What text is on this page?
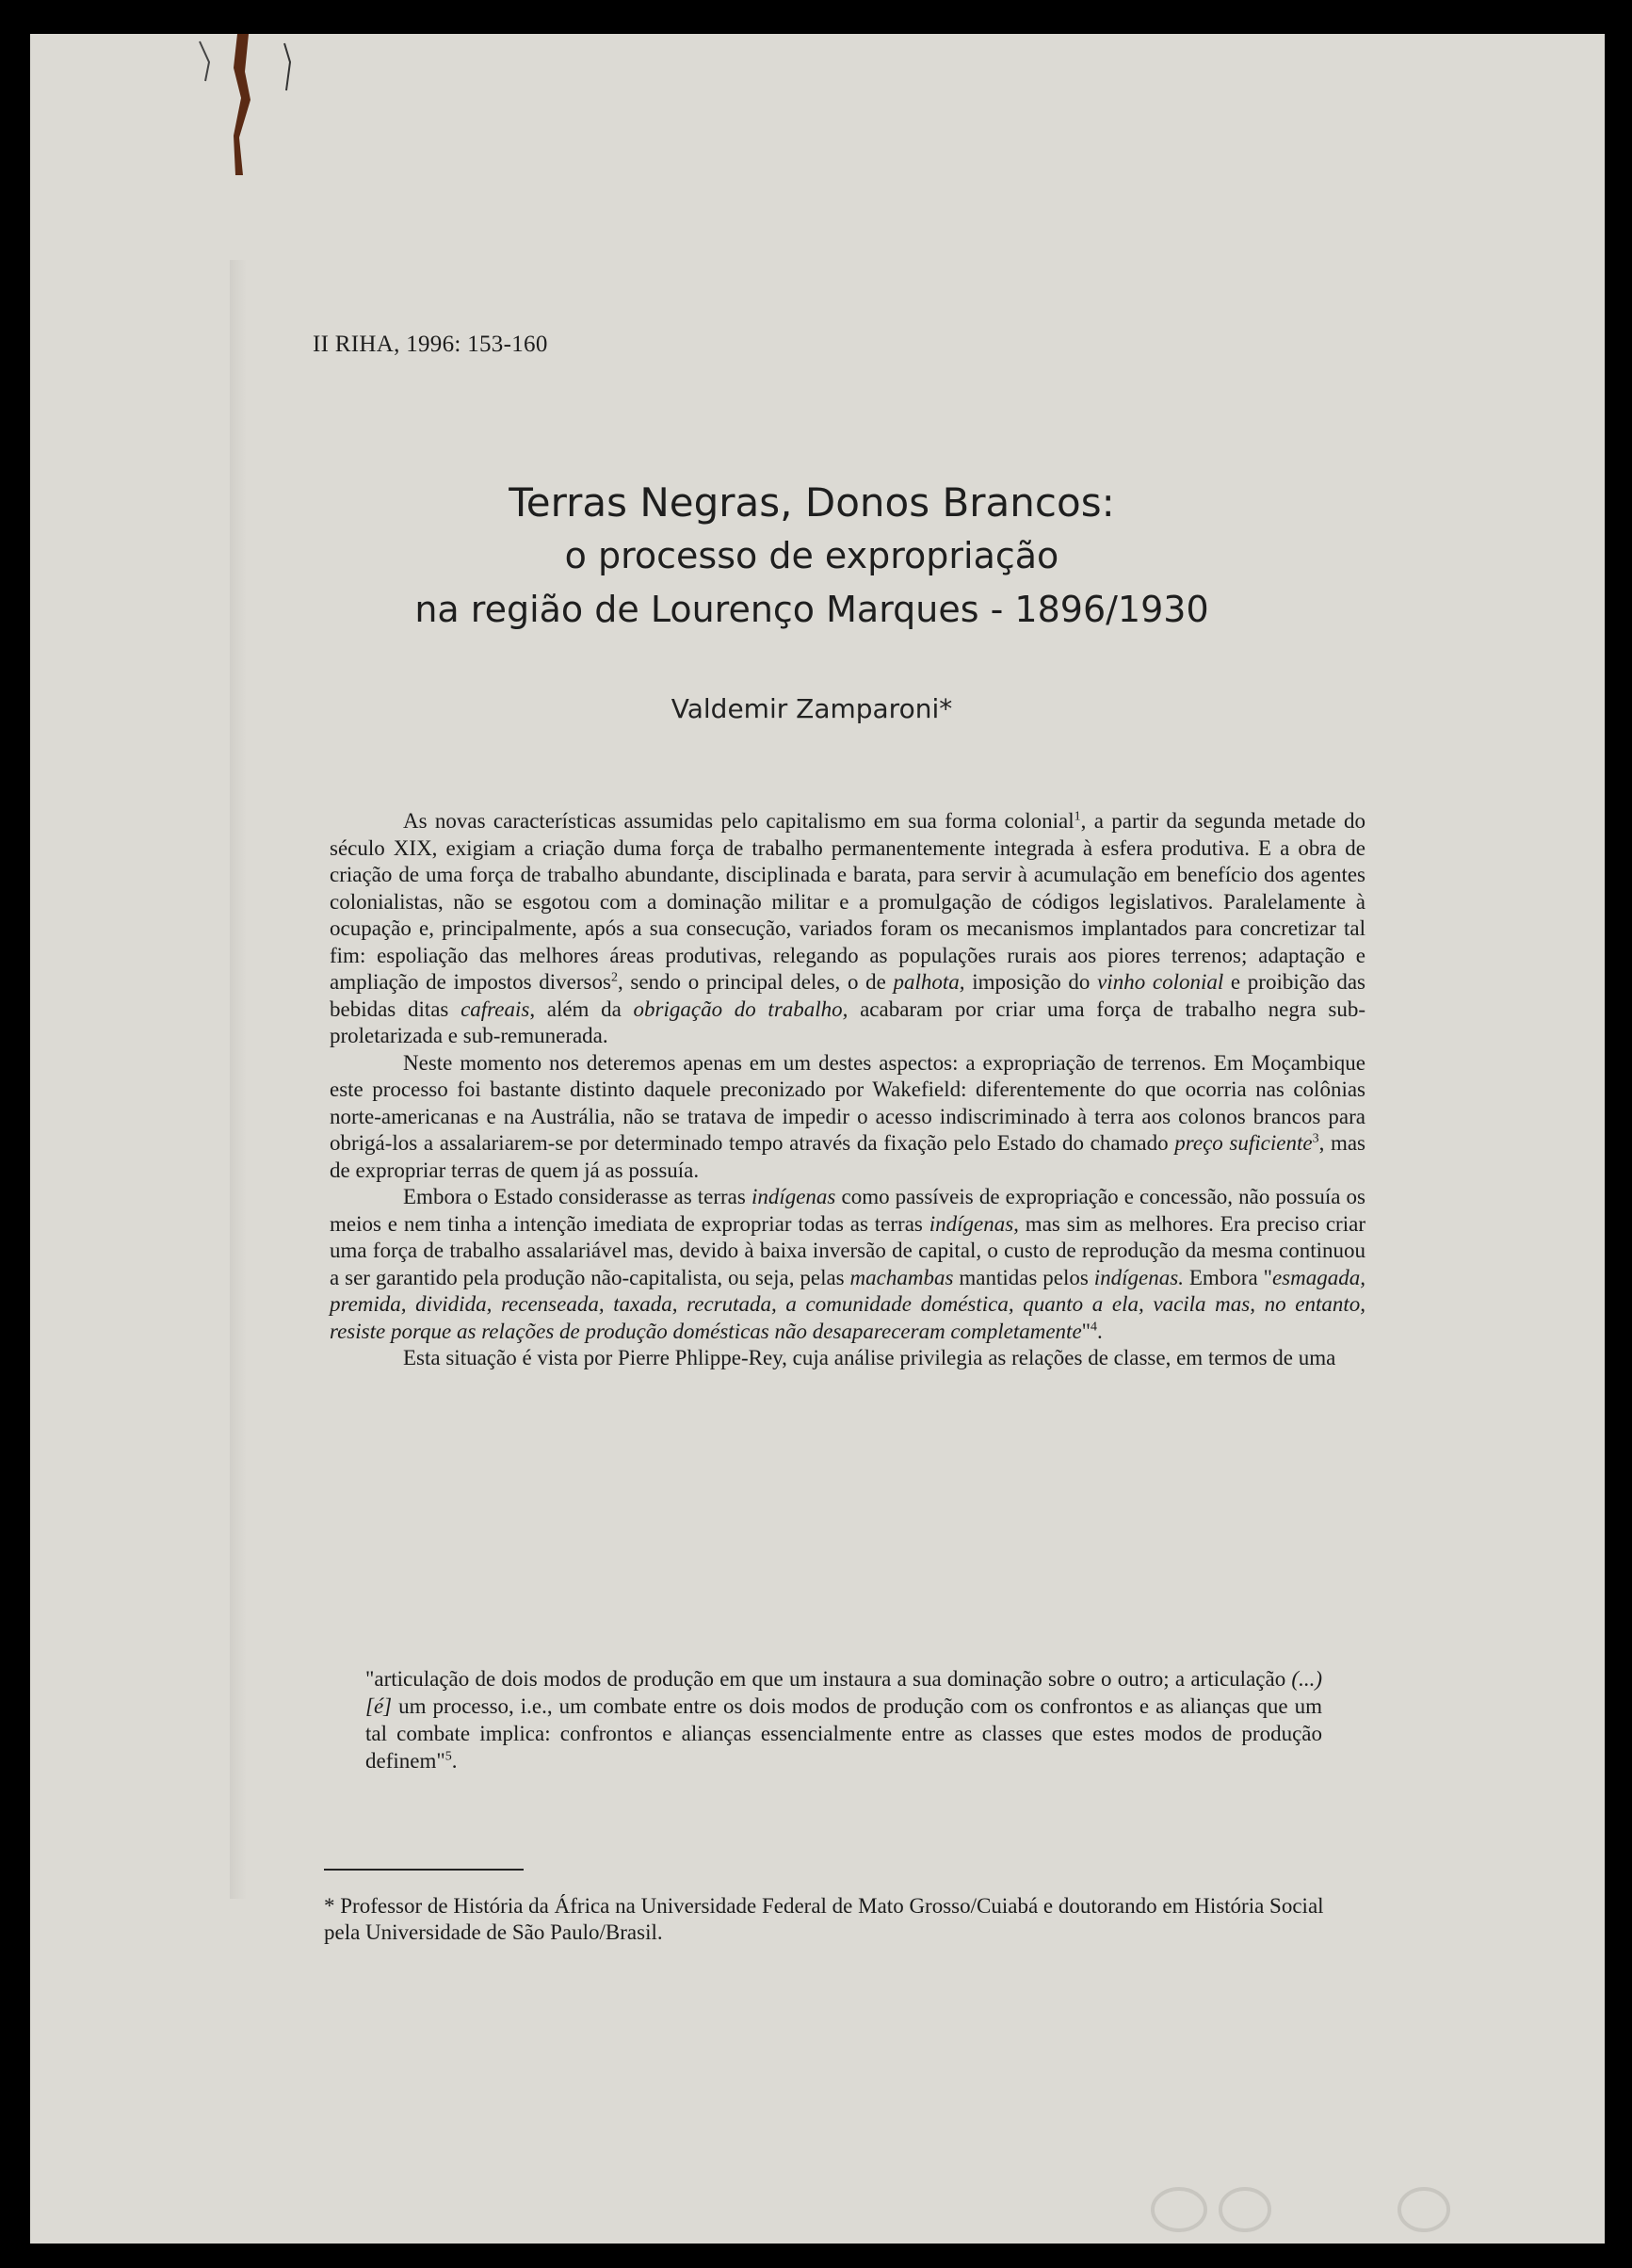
II RIHA, 1996: 153-160
Terras Negras, Donos Brancos:
o processo de expropriação
na região de Lourenço Marques - 1896/1930
Valdemir Zamparoni*

As novas características assumidas pelo capitalismo em sua forma colonial$^1$, a partir da segunda metade do século XIX, exigiam a criação duma força de trabalho permanentemente integrada à esfera produtiva. E a obra de criação de uma força de trabalho abundante, disciplinada e barata, para servir à acumulação em benefício dos agentes colonialistas, não se esgotou com a dominação militar e a promulgação de códigos legislativos. Paralelamente à ocupação e, principalmente, após a sua consecução, variados foram os mecanismos implantados para concretizar tal fim: espoliação das melhores áreas produtivas, relegando as populações rurais aos piores terrenos; adaptação e ampliação de impostos diversos$^2$, sendo o principal deles, o de palhota, imposição do vinho colonial e proibição das bebidas ditas cafreais, além da obrigação do trabalho, acabaram por criar uma força de trabalho negra sub-proletarizada e sub-remunerada.

Neste momento nos deteremos apenas em um destes aspectos: a expropriação de terrenos. Em Moçambique este processo foi bastante distinto daquele preconizado por Wakefield: diferentemente do que ocorria nas colônias norte-americanas e na Austrália, não se tratava de impedir o acesso indiscriminado à terra aos colonos brancos para obrigá-los a assalariarem-se por determinado tempo através da fixação pelo Estado do chamado preço suficiente$^3$, mas de expropriar terras de quem já as possuía.

Embora o Estado considerasse as terras indígenas como passíveis de expropriação e concessão, não possuía os meios e nem tinha a intenção imediata de expropriar todas as terras indígenas, mas sim as melhores. Era preciso criar uma força de trabalho assalariável mas, devido à baixa inversão de capital, o custo de reprodução da mesma continuou a ser garantido pela produção não-capitalista, ou seja, pelas machambas mantidas pelos indígenas. Embora "esmagada, premida, dividida, recenseada, taxada, recrutada, a comunidade doméstica, quanto a ela, vacila mas, no entanto, resiste porque as relações de produção domésticas não desapareceram completamente"$^4$.

Esta situação é vista por Pierre Phlippe-Rey, cuja análise privilegia as relações de classe, em termos de uma

"articulação de dois modos de produção em que um instaura a sua dominação sobre o outro; a articulação (...) [é] um processo, i.e., um combate entre os dois modos de produção com os confrontos e as alianças que um tal combate implica: confrontos e alianças essencialmente entre as classes que estes modos de produção definem"$^5$.
* Professor de História da África na Universidade Federal de Mato Grosso/Cuiabá e doutorando em História Social pela Universidade de São Paulo/Brasil.
